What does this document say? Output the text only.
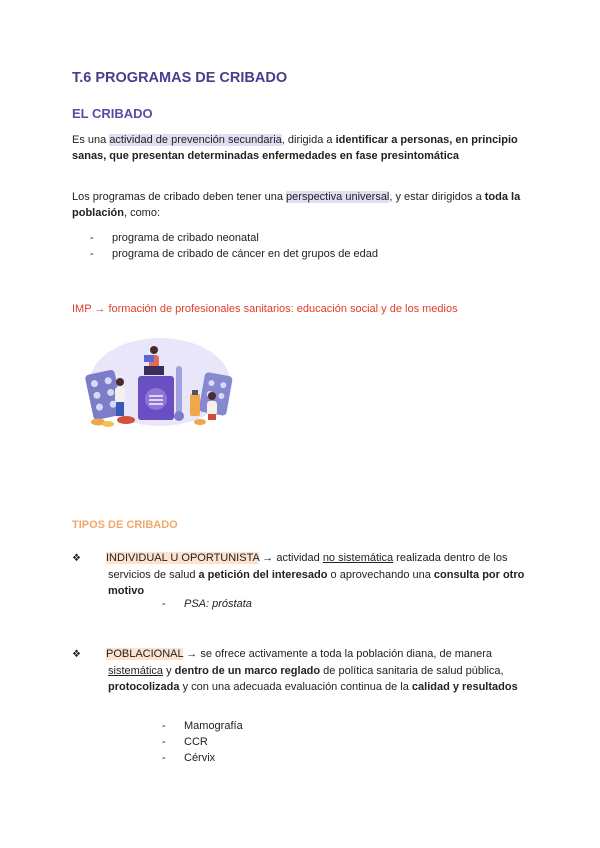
T.6 PROGRAMAS DE CRIBADO
EL CRIBADO

Es una actividad de prevención secundaria, dirigida a identificar a personas, en principio sanas, que presentan determinadas enfermedades en fase presintomática

Los programas de cribado deben tener una perspectiva universal, y estar dirigidos a toda la población, como:

- programa de cribado neonatal
- programa de cribado de cáncer en det grupos de edad
IMP → formación de profesionales sanitarios: educación social y de los medios
TIPOS DE CRIBADO

❖ INDIVIDUAL U OPORTUNISTA → actividad no sistemática realizada dentro de los servicios de salud a petición del interesado o aprovechando una consulta por otro motivo

- PSA: próstata

❖ POBLACIONAL → se ofrece activamente a toda la población diana, de manera sistemática y dentro de un marco reglado de política sanitaria de salud pública, protocolizada y con una adecuada evaluación continua de la calidad y resultados

- Mamografía
- CCR
- Cérvix
